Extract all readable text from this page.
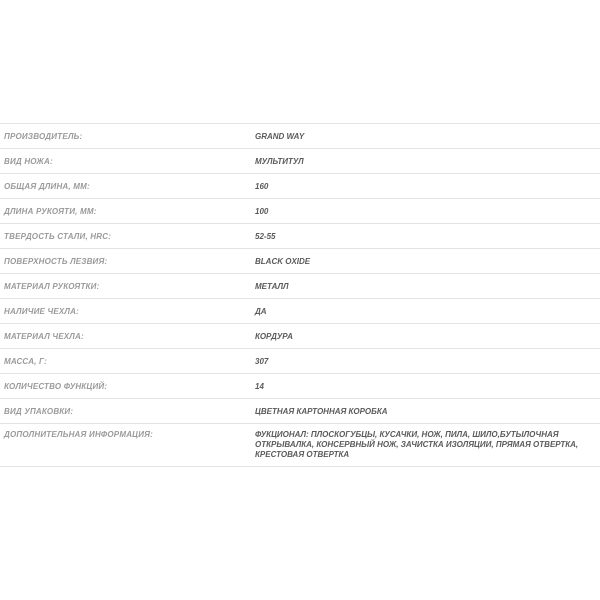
ПРОИЗВОДИТЕЛЬ:	GRAND WAY
ВИД НОЖА:	МУЛЬТИТУЛ
ОБЩАЯ ДЛИНА, ММ:	160
ДЛИНА РУКОЯТИ, ММ:	100
ТВЕРДОСТЬ СТАЛИ, HRC:	52-55
ПОВЕРХНОСТЬ ЛЕЗВИЯ:	BLACK OXIDE
МАТЕРИАЛ РУКОЯТКИ:	МЕТАЛЛ
НАЛИЧИЕ ЧЕХЛА:	ДА
МАТЕРИАЛ ЧЕХЛА:	КОРДУРА
МАССА, Г:	307
КОЛИЧЕСТВО ФУНКЦИЙ:	14
ВИД УПАКОВКИ:	ЦВЕТНАЯ КАРТОННАЯ КОРОБКА
ДОПОЛНИТЕЛЬНАЯ ИНФОРМАЦИЯ:	ФУКЦИОНАЛ: ПЛОСКОГУБЦЫ, КУСАЧКИ, НОЖ, ПИЛА, ШИЛО,БУТЫЛОЧНАЯ ОТКРЫВАЛКА, КОНСЕРВНЫЙ НОЖ, ЗАЧИСТКА ИЗОЛЯЦИИ, ПРЯМАЯ ОТВЕРТКА, КРЕСТОВАЯ ОТВЕРТКА
